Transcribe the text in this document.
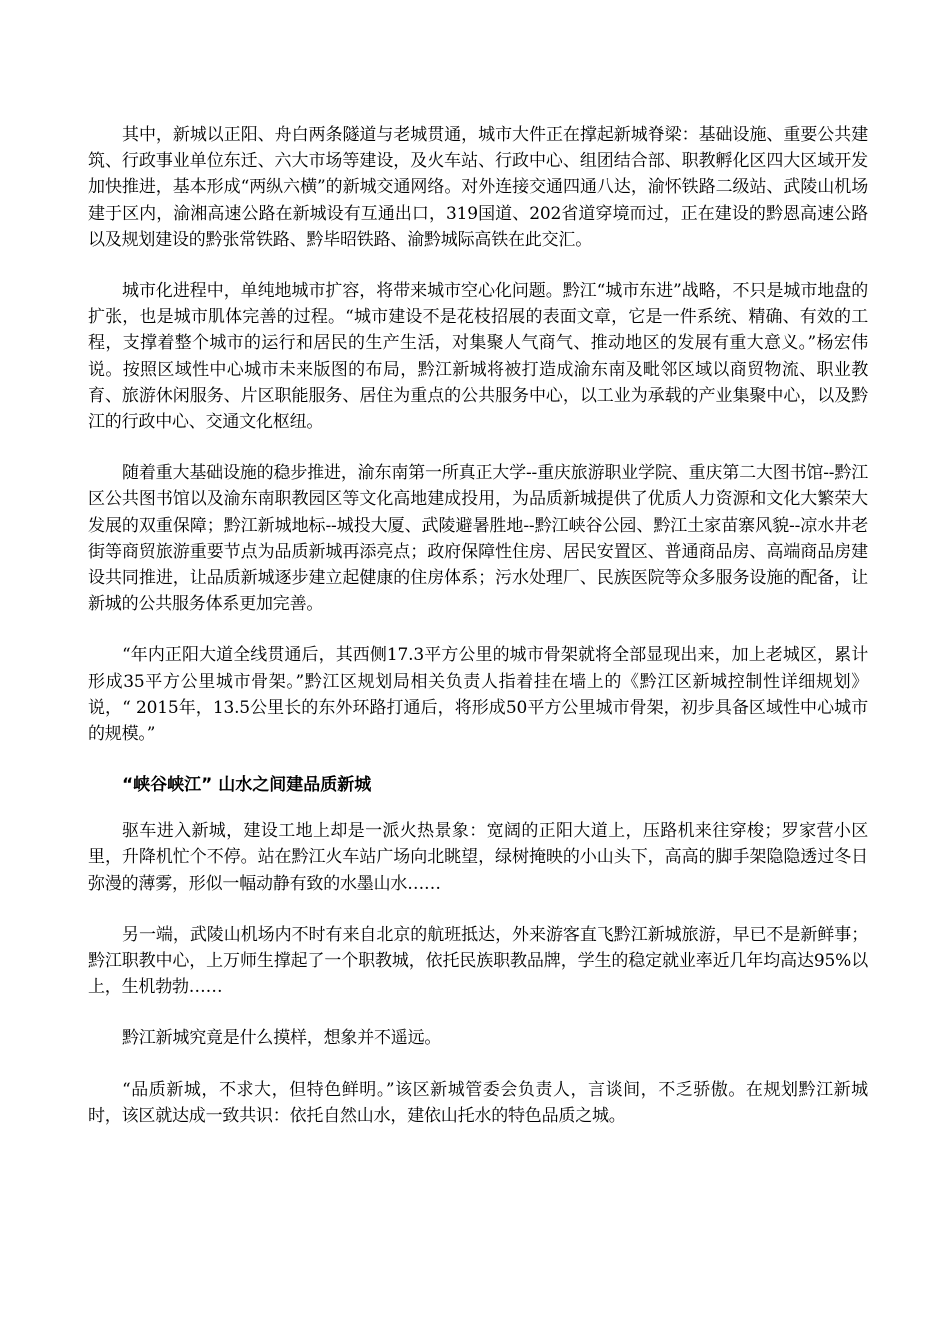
其中，新城以正阳、舟白两条隧道与老城贯通，城市大件正在撑起新城脊梁：基础设施、重要公共建筑、行政事业单位东迁、六大市场等建设，及火车站、行政中心、组团结合部、职教孵化区四大区域开发加快推进，基本形成“两纵六横”的新城交通网络。对外连接交通四通八达，渝怀铁路二级站、武陵山机场建于区内，渝湘高速公路在新城设有互通出口，319国道、202省道穿境而过，正在建设的黔恩高速公路以及规划建设的黔张常铁路、黔毕昭铁路、渝黔城际高铁在此交汇。

城市化进程中，单纯地城市扩容，将带来城市空心化问题。黔江“城市东进”战略，不只是城市地盘的扩张，也是城市肌体完善的过程。“城市建设不是花枝招展的表面文章，它是一件系统、精确、有效的工程，支撑着整个城市的运行和居民的生产生活，对集聚人气商气、推动地区的发展有重大意义。”杨宏伟说。按照区域性中心城市未来版图的布局，黔江新城将被打造成渝东南及毗邻区域以商贸物流、职业教育、旅游休闲服务、片区职能服务、居住为重点的公共服务中心，以工业为承载的产业集聚中心，以及黔江的行政中心、交通文化枢纽。

随着重大基础设施的稳步推进，渝东南第一所真正大学--重庆旅游职业学院、重庆第二大图书馆--黔江区公共图书馆以及渝东南职教园区等文化高地建成投用，为品质新城提供了优质人力资源和文化大繁荣大发展的双重保障；黔江新城地标--城投大厦、武陵避暑胜地--黔江峡谷公园、黔江土家苗寨风貌--凉水井老街等商贸旅游重要节点为品质新城再添亮点；政府保障性住房、居民安置区、普通商品房、高端商品房建设共同推进，让品质新城逐步建立起健康的住房体系；污水处理厂、民族医院等众多服务设施的配备，让新城的公共服务体系更加完善。

“年内正阳大道全线贯通后，其西侧17.3平方公里的城市骨架就将全部显现出来，加上老城区，累计形成35平方公里城市骨架。”黔江区规划局相关负责人指着挂在墙上的《黔江区新城控制性详细规划》说，“ 2015年，13.5公里长的东外环路打通后，将形成50平方公里城市骨架，初步具备区域性中心城市的规模。”

“峡谷峡江” 山水之间建品质新城

驱车进入新城，建设工地上却是一派火热景象：宽阔的正阳大道上，压路机来往穿梭；罗家营小区里，升降机忙个不停。站在黔江火车站广场向北眺望，绿树掩映的小山头下，高高的脚手架隐隐透过冬日弥漫的薄雾，形似一幅动静有致的水墨山水……

另一端，武陵山机场内不时有来自北京的航班抵达，外来游客直飞黔江新城旅游，早已不是新鲜事；黔江职教中心，上万师生撑起了一个职教城，依托民族职教品牌，学生的稳定就业率近几年均高达95%以上，生机勃勃……

黔江新城究竟是什么摸样，想象并不遥远。

“品质新城，不求大，但特色鲜明。”该区新城管委会负责人，言谈间，不乏骄傲。在规划黔江新城时，该区就达成一致共识：依托自然山水，建依山托水的特色品质之城。
